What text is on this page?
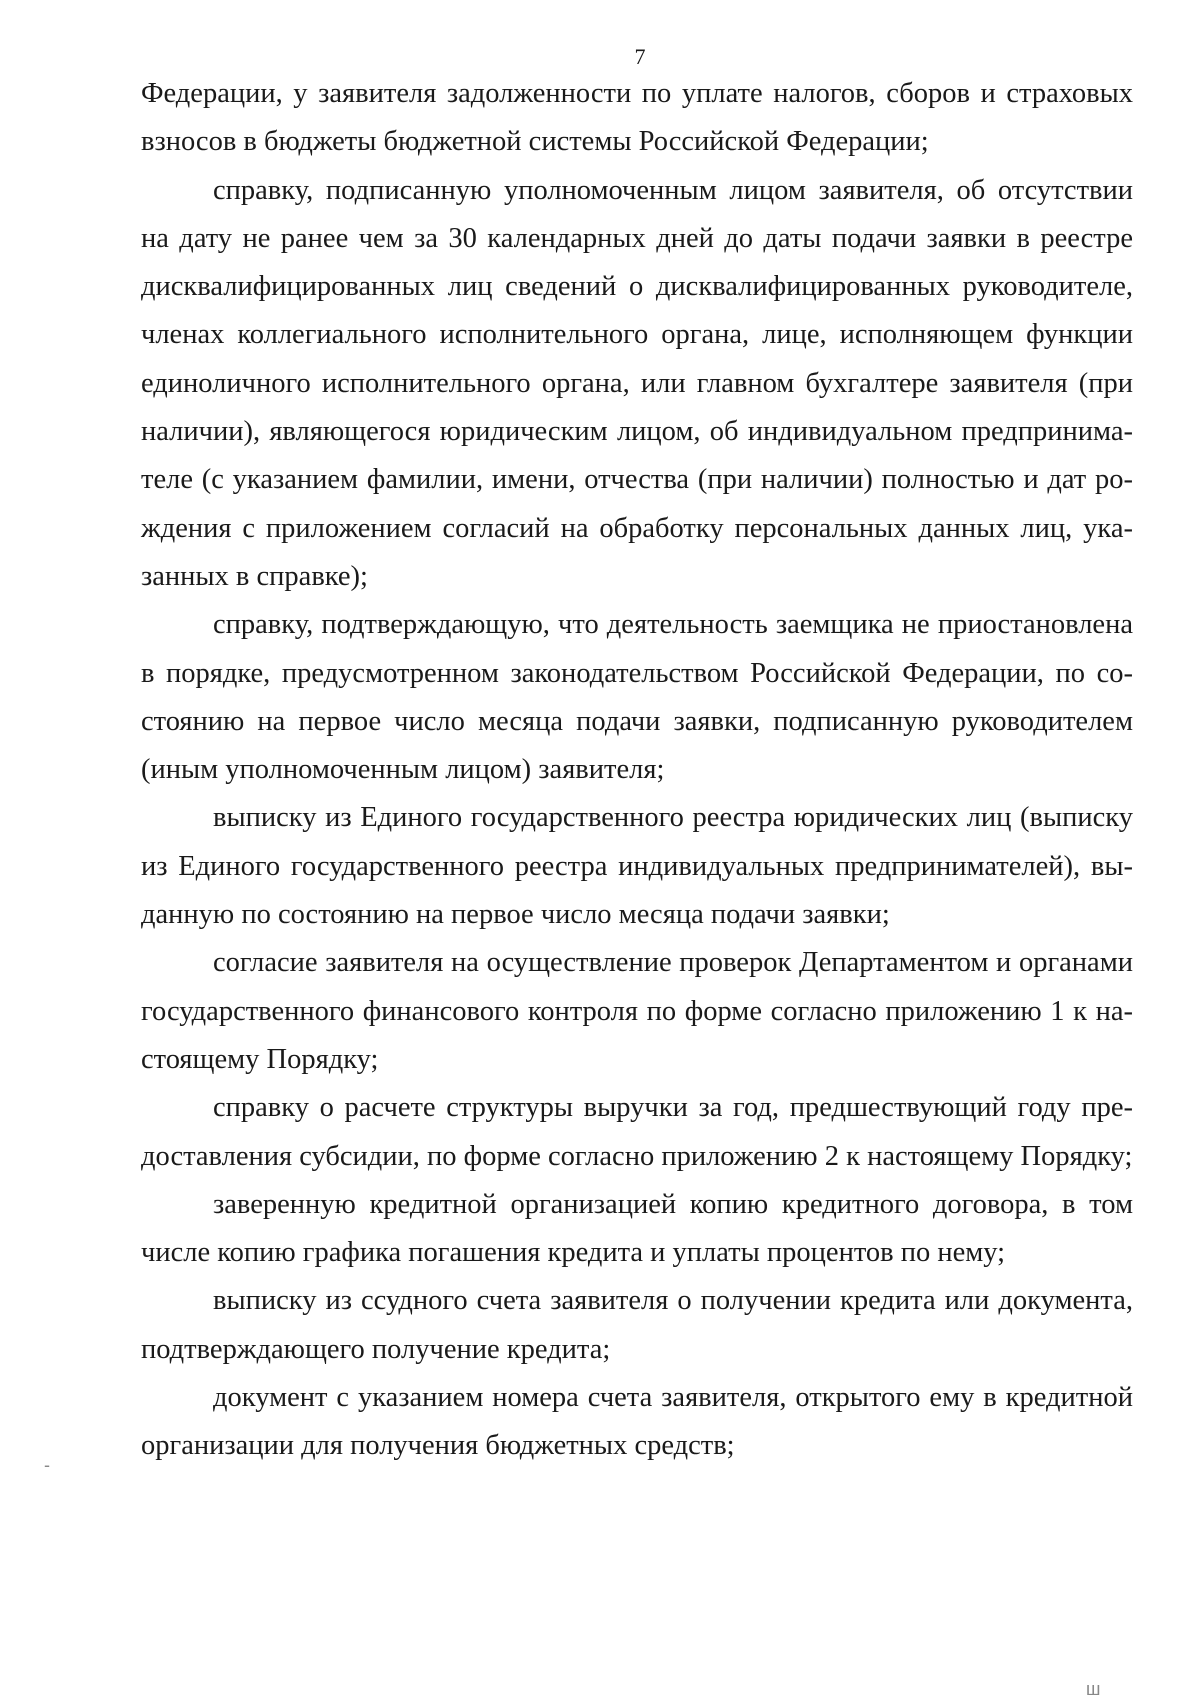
7

Федерации, у заявителя задолженности по уплате налогов, сборов и страховых взносов в бюджеты бюджетной системы Российской Федерации;

справку, подписанную уполномоченным лицом заявителя, об отсутствии на дату не ранее чем за 30 календарных дней до даты подачи заявки в реестре дисквалифицированных лиц сведений о дисквалифицированных руководителе, членах коллегиального исполнительного органа, лице, исполняющем функции единоличного исполнительного органа, или главном бухгалтере заявителя (при наличии), являющегося юридическим лицом, об индивидуальном предпринимателе (с указанием фамилии, имени, отчества (при наличии) полностью и дат рождения с приложением согласий на обработку персональных данных лиц, указанных в справке);

справку, подтверждающую, что деятельность заемщика не приостановлена в порядке, предусмотренном законодательством Российской Федерации, по состоянию на первое число месяца подачи заявки, подписанную руководителем (иным уполномоченным лицом) заявителя;

выписку из Единого государственного реестра юридических лиц (выписку из Единого государственного реестра индивидуальных предпринимателей), выданную по состоянию на первое число месяца подачи заявки;

согласие заявителя на осуществление проверок Департаментом и органами государственного финансового контроля по форме согласно приложению 1 к настоящему Порядку;

справку о расчете структуры выручки за год, предшествующий году предоставления субсидии, по форме согласно приложению 2 к настоящему Порядку;

заверенную кредитной организацией копию кредитного договора, в том числе копию графика погашения кредита и уплаты процентов по нему;

выписку из ссудного счета заявителя о получении кредита или документа, подтверждающего получение кредита;

документ с указанием номера счета заявителя, открытого ему в кредитной организации для получения бюджетных средств;

-
ш
